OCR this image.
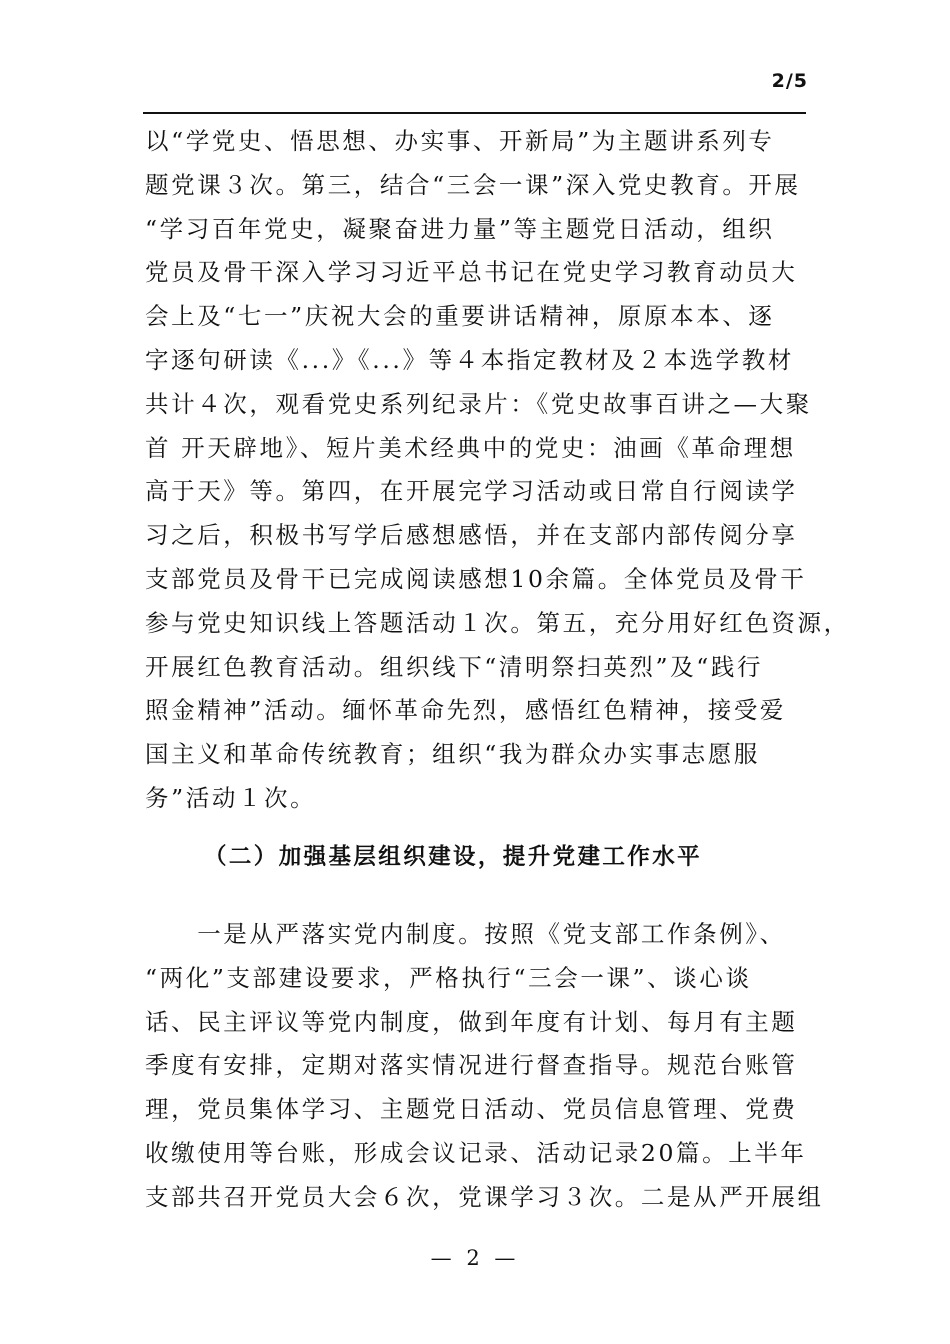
2/5
以“学党史、悟思想、办实事、开新局”为主题讲系列专
题党课３次。第三，结合“三会一课”深入党史教育。开展
“学习百年党史，凝聚奋进力量”等主题党日活动，组织
党员及骨干深入学习习近平总书记在党史学习教育动员大
会上及“七一”庆祝大会的重要讲话精神，原原本本、逐
字逐句研读《...》《...》等４本指定教材及２本选学教材
共计４次，观看党史系列纪录片：《党史故事百讲之—大聚
首 开天辟地》、短片美术经典中的党史：油画《革命理想
高于天》等。第四，在开展完学习活动或日常自行阅读学
习之后，积极书写学后感想感悟，并在支部内部传阅分享
支部党员及骨干已完成阅读感想10余篇。全体党员及骨干
参与党史知识线上答题活动１次。第五，充分用好红色资源，
开展红色教育活动。组织线下“清明祭扫英烈”及“践行
照金精神”活动。缅怀革命先烈，感悟红色精神，接受爱
国主义和革命传统教育；组织“我为群众办实事志愿服
务”活动１次。
（二）加强基层组织建设，提升党建工作水平
　　一是从严落实党内制度。按照《党支部工作条例》、
“两化”支部建设要求，严格执行“三会一课”、谈心谈
话、民主评议等党内制度，做到年度有计划、每月有主题
季度有安排，定期对落实情况进行督查指导。规范台账管
理，党员集体学习、主题党日活动、党员信息管理、党费
收缴使用等台账，形成会议记录、活动记录20篇。上半年
支部共召开党员大会６次，党课学习３次。二是从严开展组
— 2 —
